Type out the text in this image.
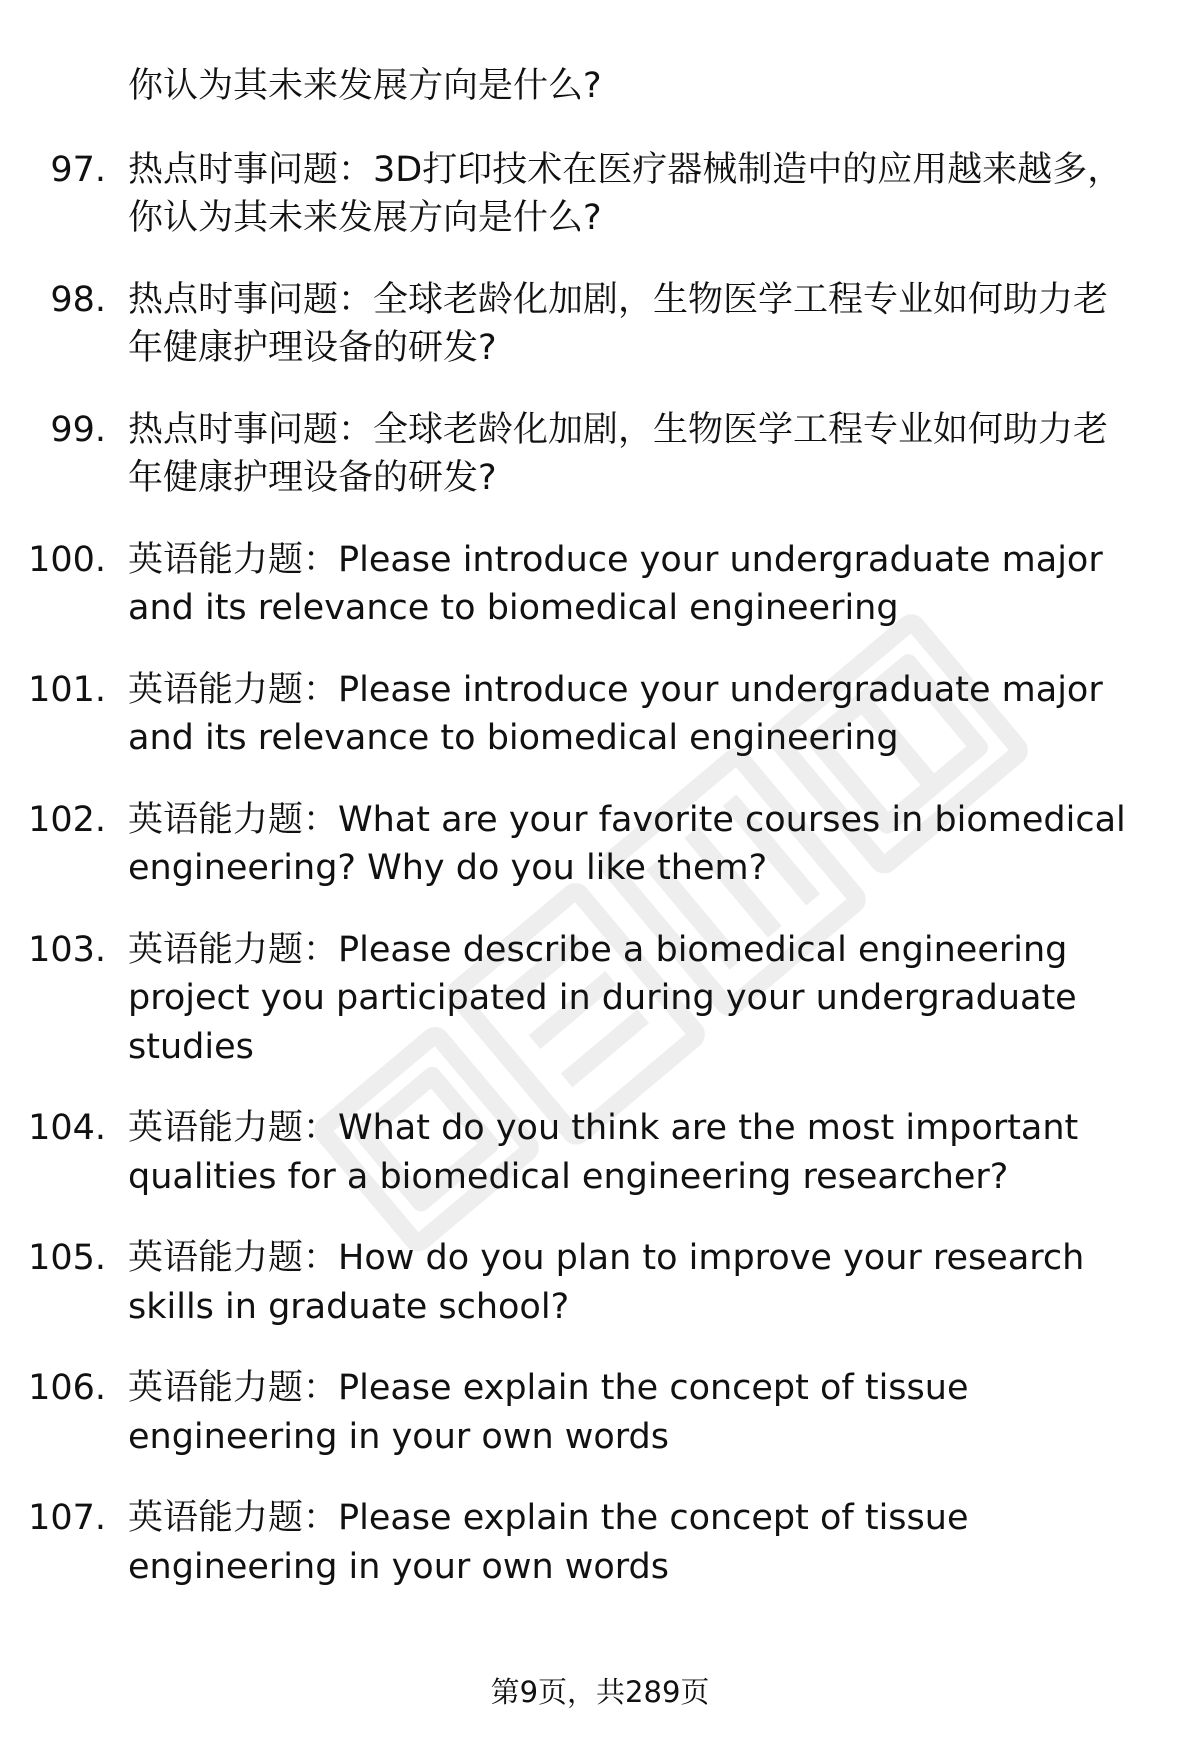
你认为其未来发展方向是什么?
97. 热点时事问题：3D打印技术在医疗器械制造中的应用越来越多，你认为其未来发展方向是什么?
98. 热点时事问题：全球老龄化加剧，生物医学工程专业如何助力老年健康护理设备的研发?
99. 热点时事问题：全球老龄化加剧，生物医学工程专业如何助力老年健康护理设备的研发?
100. 英语能力题：Please introduce your undergraduate major and its relevance to biomedical engineering
101. 英语能力题：Please introduce your undergraduate major and its relevance to biomedical engineering
102. 英语能力题：What are your favorite courses in biomedical engineering? Why do you like them?
103. 英语能力题：Please describe a biomedical engineering project you participated in during your undergraduate studies
104. 英语能力题：What do you think are the most important qualities for a biomedical engineering researcher?
105. 英语能力题：How do you plan to improve your research skills in graduate school?
106. 英语能力题：Please explain the concept of tissue engineering in your own words
107. 英语能力题：Please explain the concept of tissue engineering in your own words
第9页，共289页
